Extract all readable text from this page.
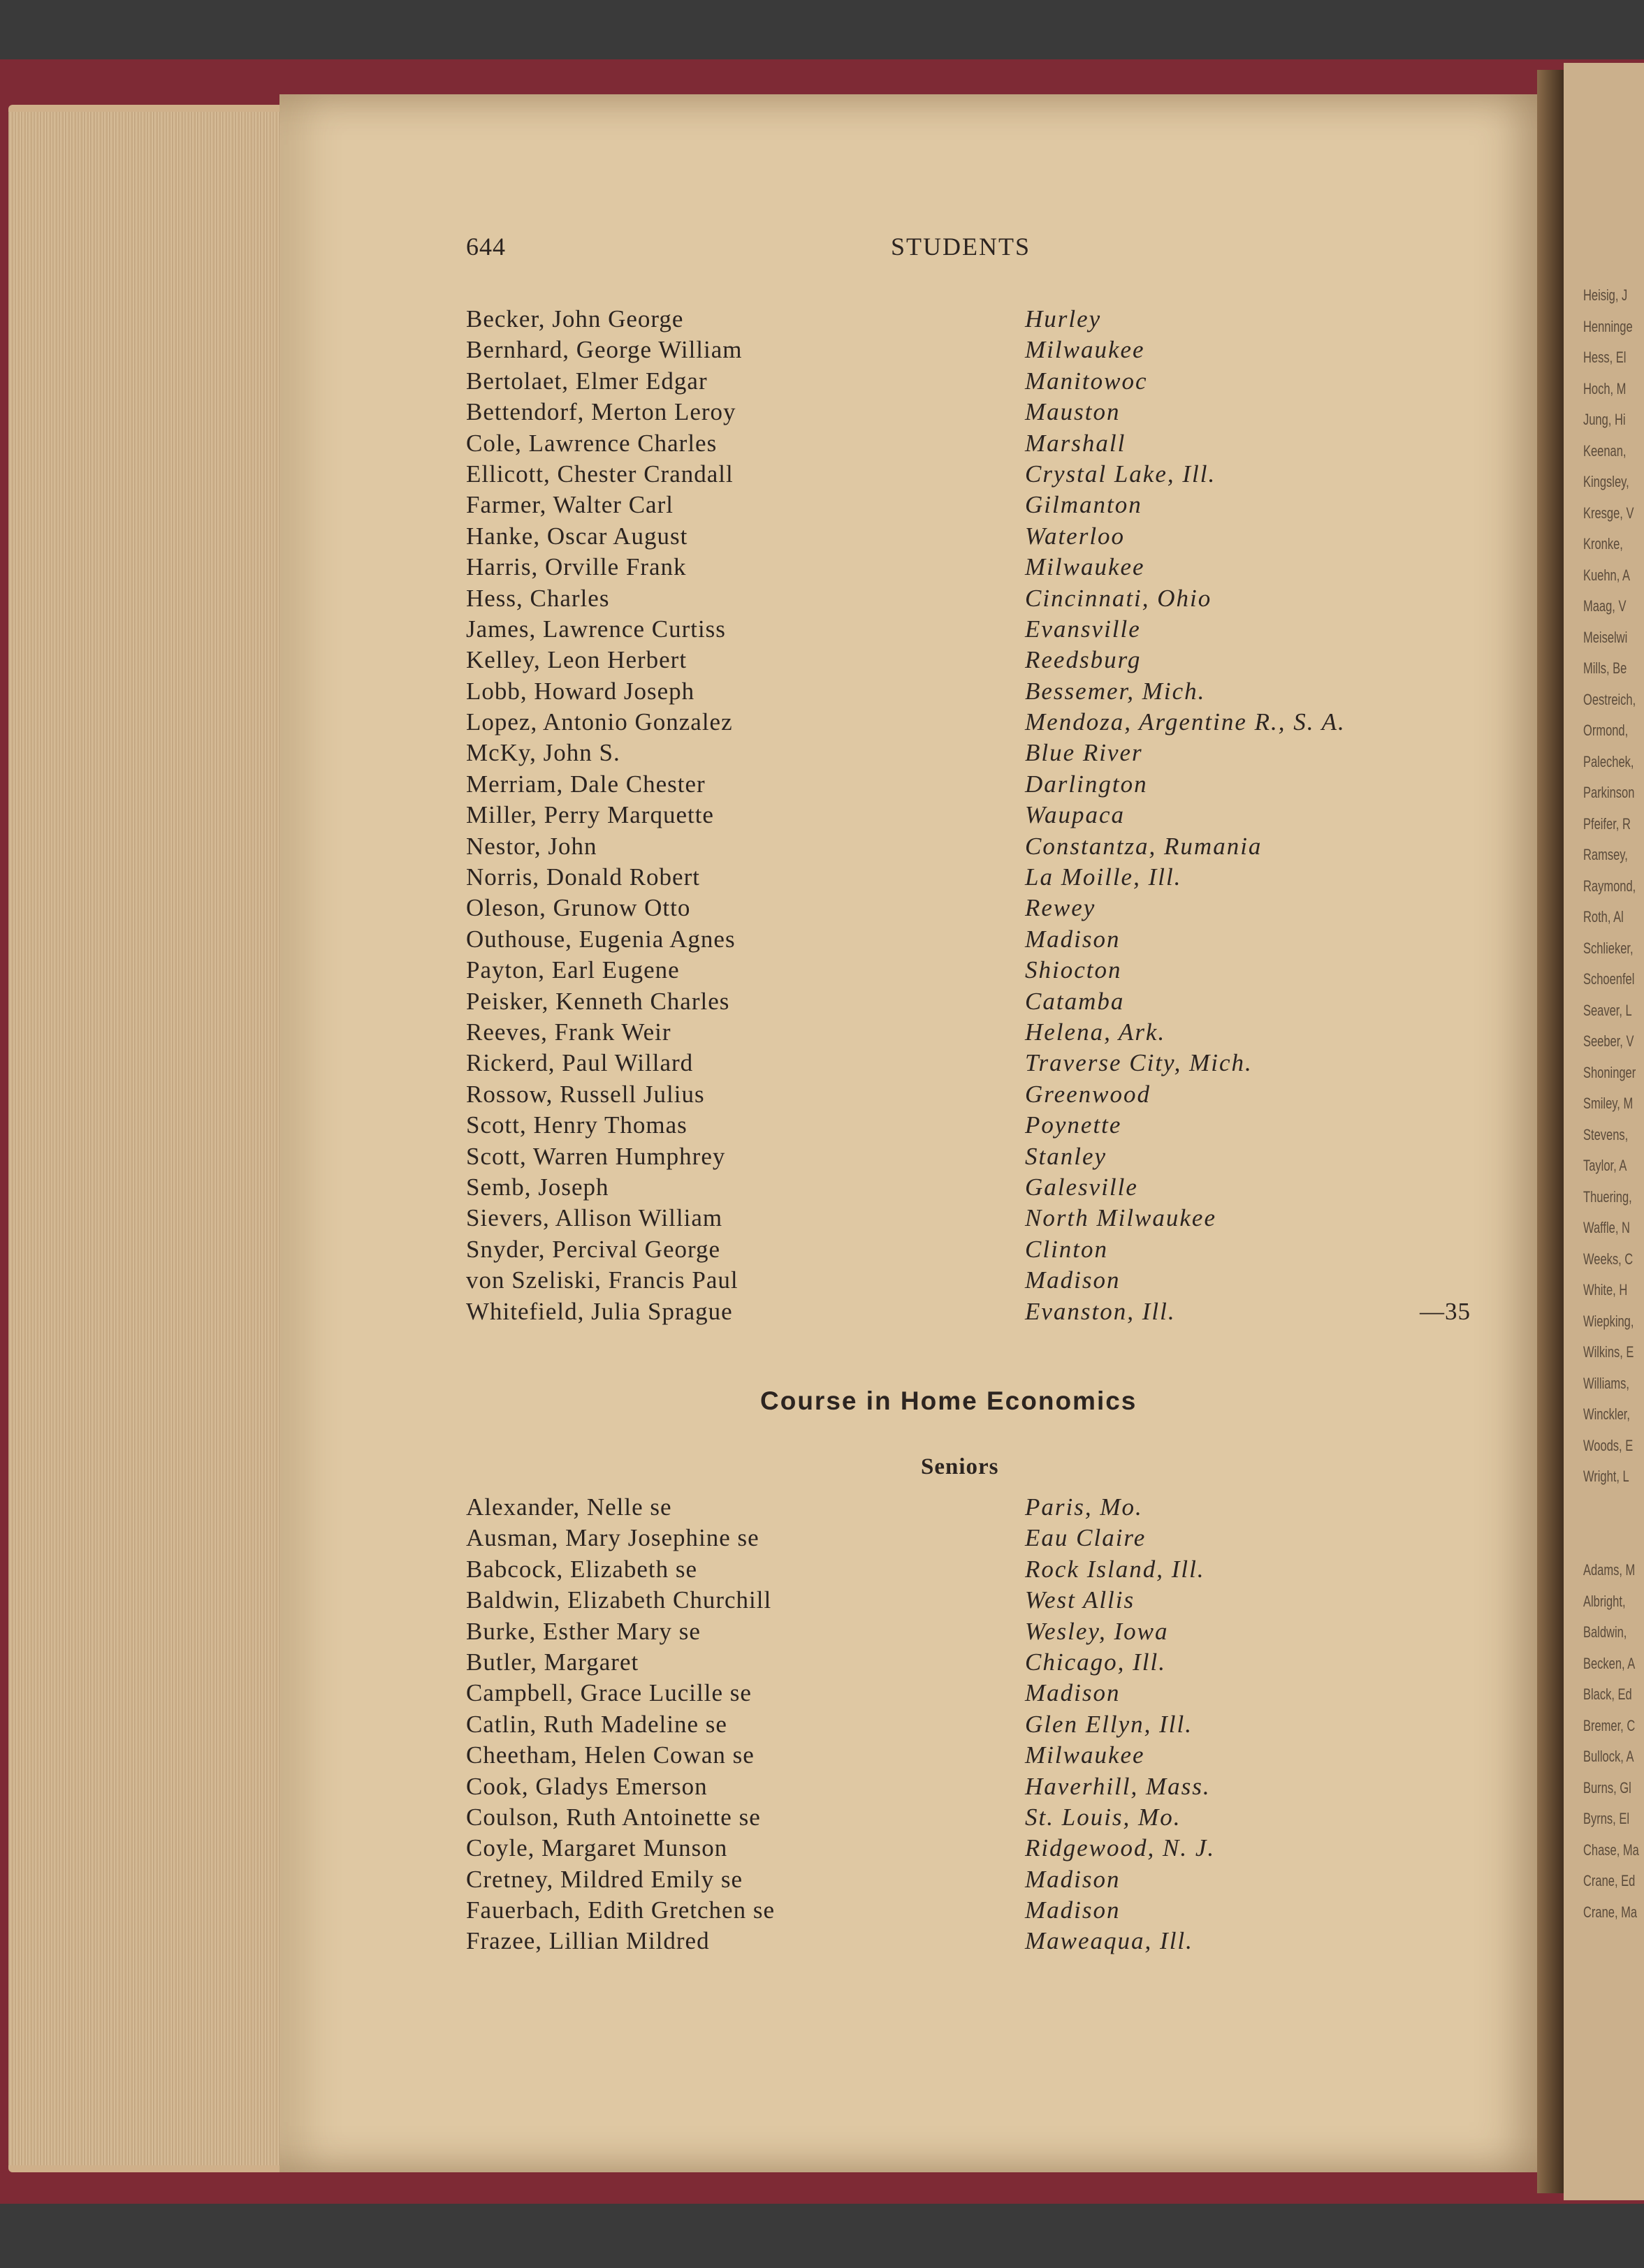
Heisig, J
Henninge
Hess, El
Hoch, M
Jung, Hi
Keenan,
Kingsley,
Kresge, V
Kronke,
Kuehn, A
Maag, V
Meiselwi
Mills, Be
Oestreich,
Ormond,
Palechek,
Parkinson
Pfeifer, R
Ramsey,
Raymond,
Roth, Al
Schlieker,
Schoenfel
Seaver, L
Seeber, V
Shoninger
Smiley, M
Stevens,
Taylor, A
Thuering,
Waffle, N
Weeks, C
White, H
Wiepking,
Wilkins, E
Williams,
Winckler,
Woods, E
Wright, L
Adams, M
Albright,
Baldwin,
Becken, A
Black, Ed
Bremer, C
Bullock, A
Burns, Gl
Byrns, El
Chase, Ma
Crane, Ed
Crane, Ma
644	STUDENTS
Becker, John George	Hurley
Bernhard, George William	Milwaukee
Bertolaet, Elmer Edgar	Manitowoc
Bettendorf, Merton Leroy	Mauston
Cole, Lawrence Charles	Marshall
Ellicott, Chester Crandall	Crystal Lake, Ill.
Farmer, Walter Carl	Gilmanton
Hanke, Oscar August	Waterloo
Harris, Orville Frank	Milwaukee
Hess, Charles	Cincinnati, Ohio
James, Lawrence Curtiss	Evansville
Kelley, Leon Herbert	Reedsburg
Lobb, Howard Joseph	Bessemer, Mich.
Lopez, Antonio Gonzalez	Mendoza, Argentine R., S. A.
McKy, John S.	Blue River
Merriam, Dale Chester	Darlington
Miller, Perry Marquette	Waupaca
Nestor, John	Constantza, Rumania
Norris, Donald Robert	La Moille, Ill.
Oleson, Grunow Otto	Rewey
Outhouse, Eugenia Agnes	Madison
Payton, Earl Eugene	Shiocton
Peisker, Kenneth Charles	Catamba
Reeves, Frank Weir	Helena, Ark.
Rickerd, Paul Willard	Traverse City, Mich.
Rossow, Russell Julius	Greenwood
Scott, Henry Thomas	Poynette
Scott, Warren Humphrey	Stanley
Semb, Joseph	Galesville
Sievers, Allison William	North Milwaukee
Snyder, Percival George	Clinton
von Szeliski, Francis Paul	Madison
Whitefield, Julia Sprague	Evanston, Ill.	—35
Course in Home Economics
Seniors
Alexander, Nelle se	Paris, Mo.
Ausman, Mary Josephine se	Eau Claire
Babcock, Elizabeth se	Rock Island, Ill.
Baldwin, Elizabeth Churchill	West Allis
Burke, Esther Mary se	Wesley, Iowa
Butler, Margaret	Chicago, Ill.
Campbell, Grace Lucille se	Madison
Catlin, Ruth Madeline se	Glen Ellyn, Ill.
Cheetham, Helen Cowan se	Milwaukee
Cook, Gladys Emerson	Haverhill, Mass.
Coulson, Ruth Antoinette se	St. Louis, Mo.
Coyle, Margaret Munson	Ridgewood, N. J.
Cretney, Mildred Emily se	Madison
Fauerbach, Edith Gretchen se	Madison
Frazee, Lillian Mildred	Maweaqua, Ill.
